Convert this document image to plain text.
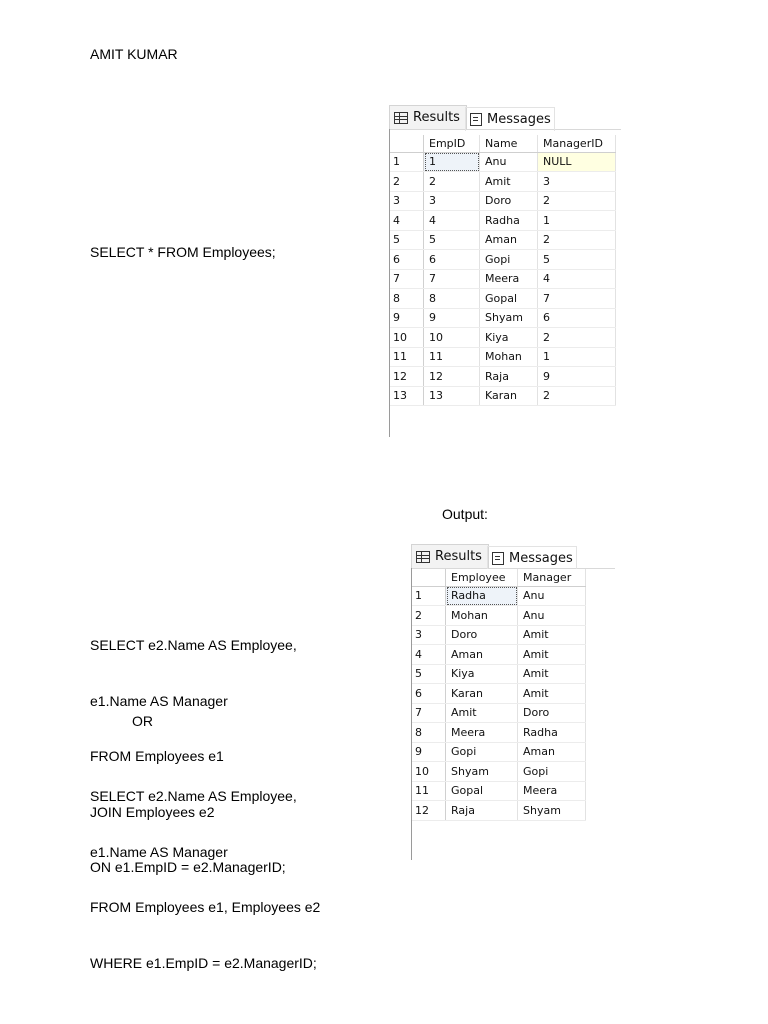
AMIT KUMAR
SELECT * FROM Employees;
Output:

SELECT e2.Name AS Employee,

e1.Name AS Manager

FROM Employees e1

JOIN Employees e2

ON e1.EmpID = e2.ManagerID;

OR

SELECT e2.Name AS Employee,

e1.Name AS Manager

FROM Employees e1, Employees e2

WHERE e1.EmpID = e2.ManagerID;

Results	Messages
	EmpID	Name	ManagerID
1	1	Anu	NULL
2	2	Amit	3
3	3	Doro	2
4	4	Radha	1
5	5	Aman	2
6	6	Gopi	5
7	7	Meera	4
8	8	Gopal	7
9	9	Shyam	6
10	10	Kiya	2
11	11	Mohan	1
12	12	Raja	9
13	13	Karan	2
Results	Messages
	Employee	Manager
1	Radha	Anu
2	Mohan	Anu
3	Doro	Amit
4	Aman	Amit
5	Kiya	Amit
6	Karan	Amit
7	Amit	Doro
8	Meera	Radha
9	Gopi	Aman
10	Shyam	Gopi
11	Gopal	Meera
12	Raja	Shyam
